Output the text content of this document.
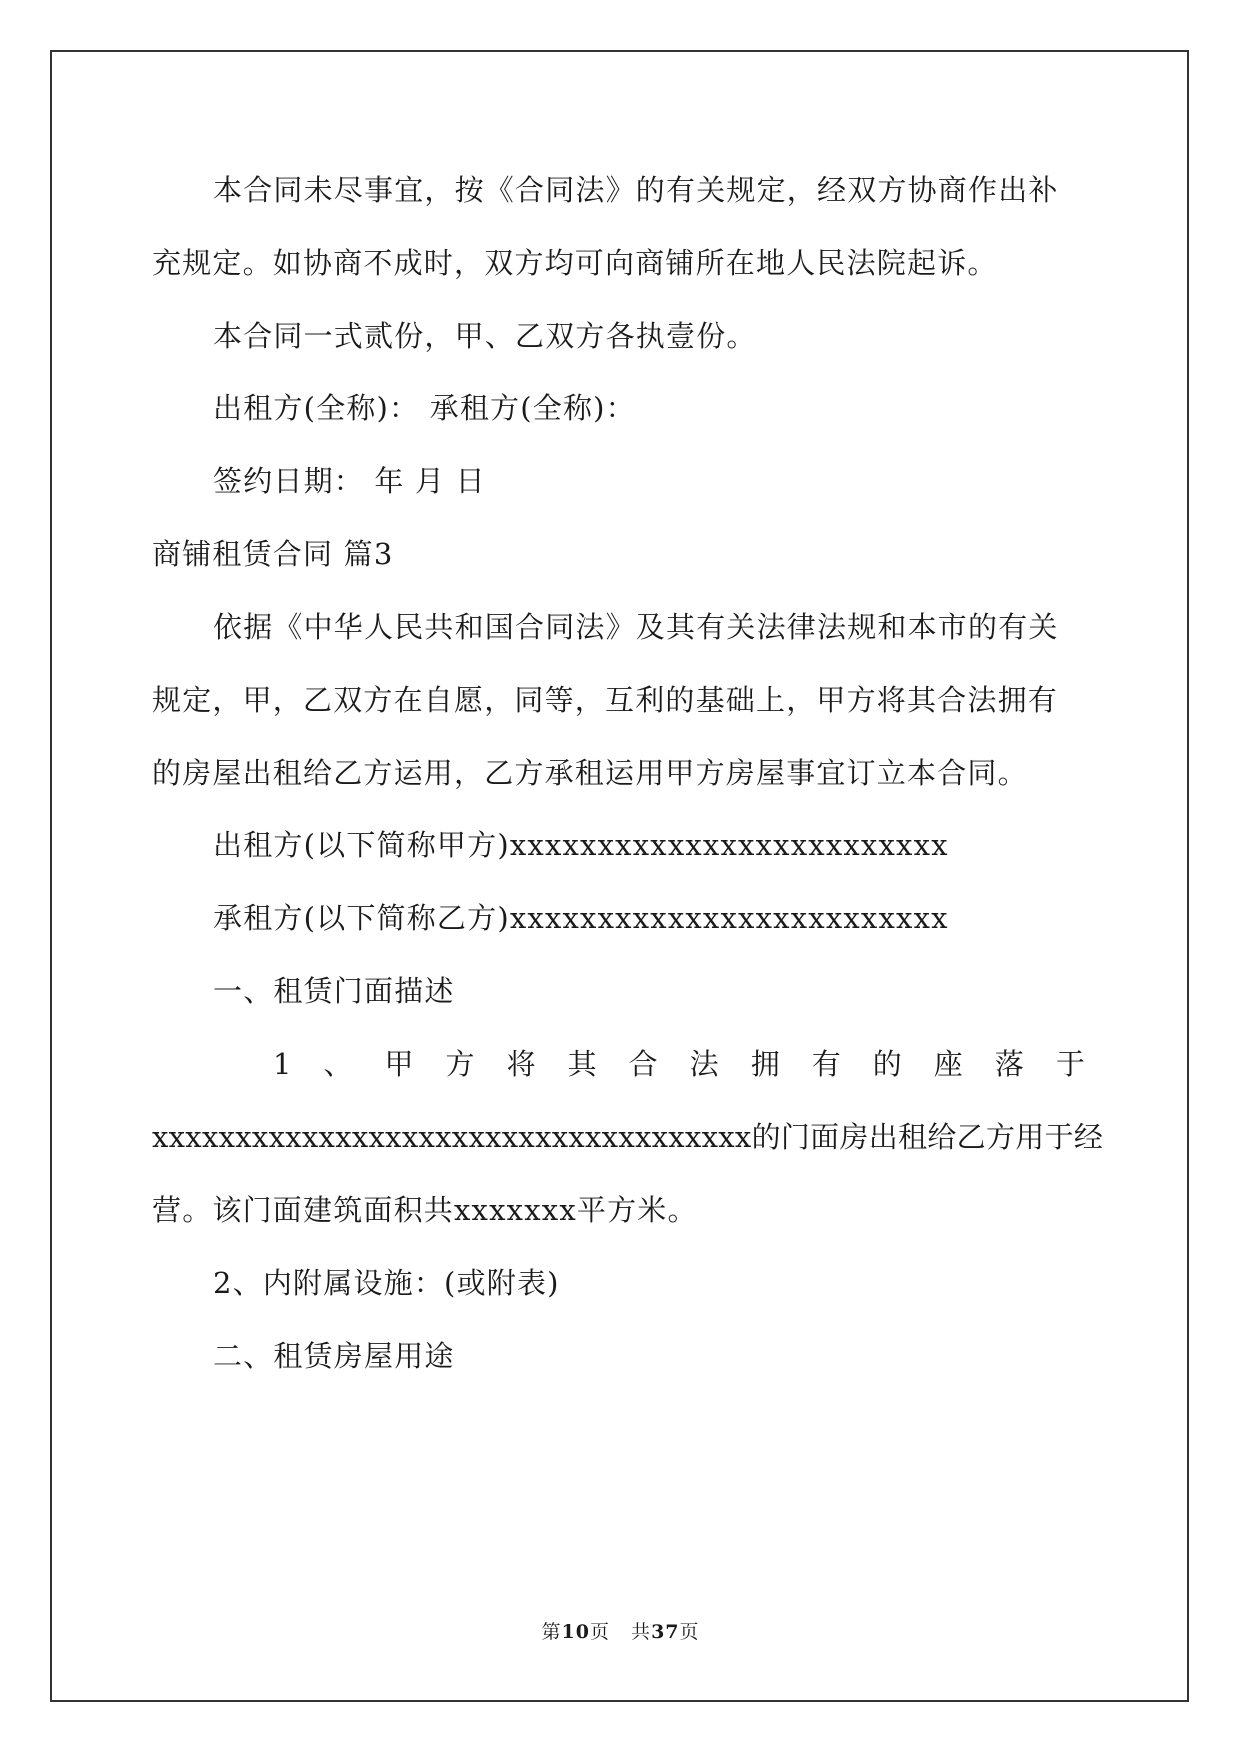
本合同未尽事宜，按《合同法》的有关规定，经双方协商作出补
充规定。如协商不成时，双方均可向商铺所在地人民法院起诉。
本合同一式贰份，甲、乙双方各执壹份。
出租方(全称)： 承租方(全称)：
签约日期： 年 月 日
商铺租赁合同 篇3
依据《中华人民共和国合同法》及其有关法律法规和本市的有关
规定，甲，乙双方在自愿，同等，互利的基础上，甲方将其合法拥有
的房屋出租给乙方运用，乙方承租运用甲方房屋事宜订立本合同。
出租方(以下简称甲方)xxxxxxxxxxxxxxxxxxxxxxxxx
承租方(以下简称乙方)xxxxxxxxxxxxxxxxxxxxxxxxx
一、租赁门面描述
1 、 甲 方 将 其 合 法 拥 有 的 座 落 于
xxxxxxxxxxxxxxxxxxxxxxxxxxxxxxxxxxxx的门面房出租给乙方用于经
营。该门面建筑面积共xxxxxxx平方米。
2、内附属设施：(或附表)
二、租赁房屋用途
第10页   共37页
